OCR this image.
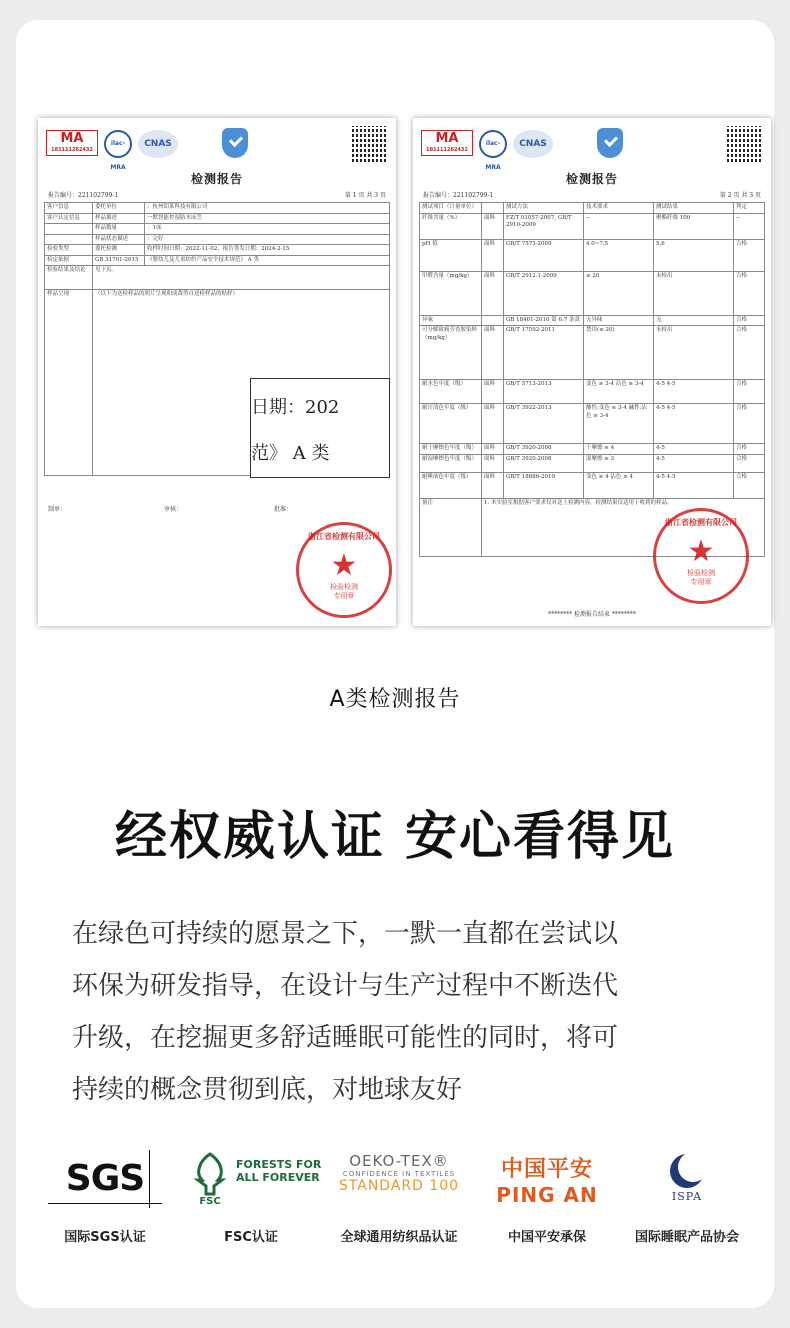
MA
181111262432
ilac-MRA
CNAS
检测报告
报告编号：221102799-1	第 1 页 共 3 页
客户信息	委托单位	：杭州钼莱科技有限公司
客户认定信息	样品描述	一默智能控湿防水床笠
	样品数量	：1床
	样品状态描述	：完好
检验类型	委托检测	收样时间日期：2022-11-02，报告签发日期：2024-2-15
检定依据	GB 31701-2015	《婴幼儿及儿童纺织产品安全技术规范》 A 类
检验结果及结论	见下页。	
样品呈现	（以下为送检样品的照片呈现和成裁剪自送检样品的贴样）	
日期：202
范》 A 类
制单：	审核：	批准：
浙江省检测有限公司
★
检验检测
专用章
MA
181111262432
ilac-MRA
CNAS
检测报告
报告编号：221102799-1	第 2 页 共 3 页
测试项目（计量单位）		测试方法	技术要求	测试结果	判定
纤维含量（%）	面料	FZ/T 01057-2007, GB/T 2910-2009	--	聚酯纤维 100	--
pH 值	面料	GB/T 7573-2009	4.0~7.5	5.6	合格
甲醛含量（mg/kg）	面料	GB/T 2912.1-2009	≤ 20	未检出	合格
异味		GB 18401-2010 第 6.7 条款	无异味	无	合格
可分解致癌芳香胺染料（mg/kg）	面料	GB/T 17592-2011	禁用(≤ 20)	未检出	合格
耐水色牢度（级）	面料	GB/T 5713-2013	变色 ≥ 3-4 沾色 ≥ 3-4	4-5 4-5	合格
耐汗渍色牢度（级）	面料	GB/T 3922-2013	酸性:变色 ≥ 3-4 碱性:沾色 ≥ 3-4	4-5 4-5	合格
耐干摩擦色牢度（级）	面料	GB/T 3920-2008	干摩擦 ≥ 4	4-5	合格
耐湿摩擦色牢度（级）	面料	GB/T 3920-2008	湿摩擦 ≥ 3	4-5	合格
耐唾液色牢度（级）	面料	GB/T 18886-2019	变色 ≥ 4 沾色 ≥ 4	4-5 4-5	合格
备注	1. 本实验室根据客户要求仅对送上检测内容，检测结果仅适用于收到的样品。				
******** 检测报告结束 ********
浙江省检测有限公司
★
检验检测
专用章
A类检测报告
经权威认证 安心看得见

在绿色可持续的愿景之下，一默一直都在尝试以

环保为研发指导，在设计与生产过程中不断迭代

升级，在挖掘更多舒适睡眠可能性的同时，将可

持续的概念贯彻到底，对地球友好

SGS
国际SGS认证
FSC
FORESTS FOR ALL FOREVER
FSC认证
OEKO-TEX®
CONFIDENCE IN TEXTILES
STANDARD 100
全球通用纺织品认证
中国平安
PING AN
中国平安承保
ISPA
国际睡眠产品协会
